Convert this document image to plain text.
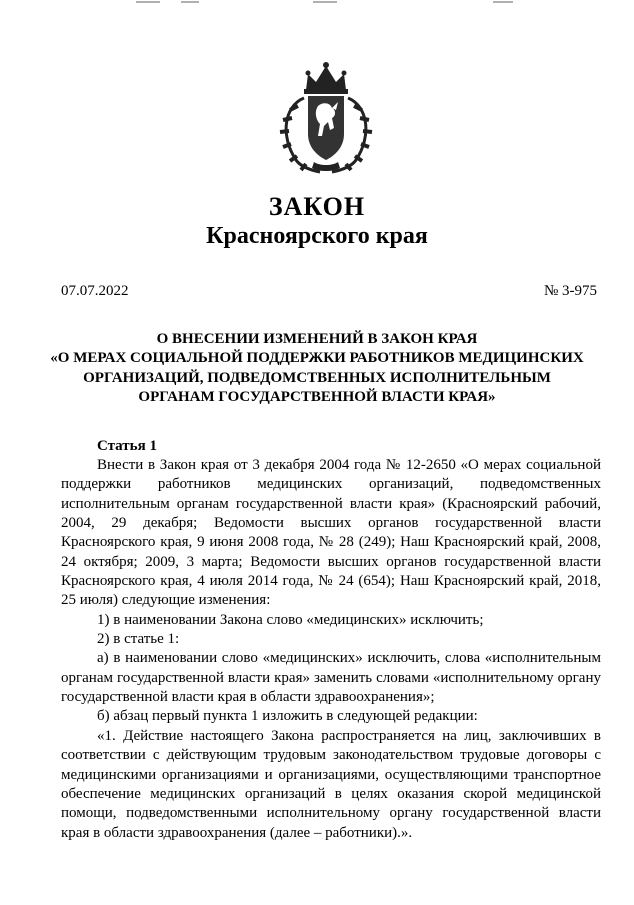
ЗАКОН
Красноярского края
07.07.2022	№ 3-975
О ВНЕСЕНИИ ИЗМЕНЕНИЙ В ЗАКОН КРАЯ
«О МЕРАХ СОЦИАЛЬНОЙ ПОДДЕРЖКИ РАБОТНИКОВ МЕДИЦИНСКИХ
ОРГАНИЗАЦИЙ, ПОДВЕДОМСТВЕННЫХ ИСПОЛНИТЕЛЬНЫМ
ОРГАНАМ ГОСУДАРСТВЕННОЙ ВЛАСТИ КРАЯ»
Статья 1

Внести в Закон края от 3 декабря 2004 года № 12-2650 «О мерах социальной поддержки работников медицинских организаций, подведомственных исполнительным органам государственной власти края» (Красноярский рабочий, 2004, 29 декабря; Ведомости высших органов государственной власти Красноярского края, 9 июня 2008 года, № 28 (249); Наш Красноярский край, 2008, 24 октября; 2009, 3 марта; Ведомости высших органов государственной власти Красноярского края, 4 июля 2014 года, № 24 (654); Наш Красноярский край, 2018, 25 июля) следующие изменения:

1) в наименовании Закона слово «медицинских» исключить;

2) в статье 1:

а) в наименовании слово «медицинских» исключить, слова «исполнительным органам государственной власти края» заменить словами «исполнительному органу государственной власти края в области здравоохранения»;

б) абзац первый пункта 1 изложить в следующей редакции:

«1. Действие настоящего Закона распространяется на лиц, заключивших в соответствии с действующим трудовым законодательством трудовые договоры с медицинскими организациями и организациями, осуществляющими транспортное обеспечение медицинских организаций в целях оказания скорой медицинской помощи, подведомственными исполнительному органу государственной власти края в области здравоохранения (далее – работники).».
